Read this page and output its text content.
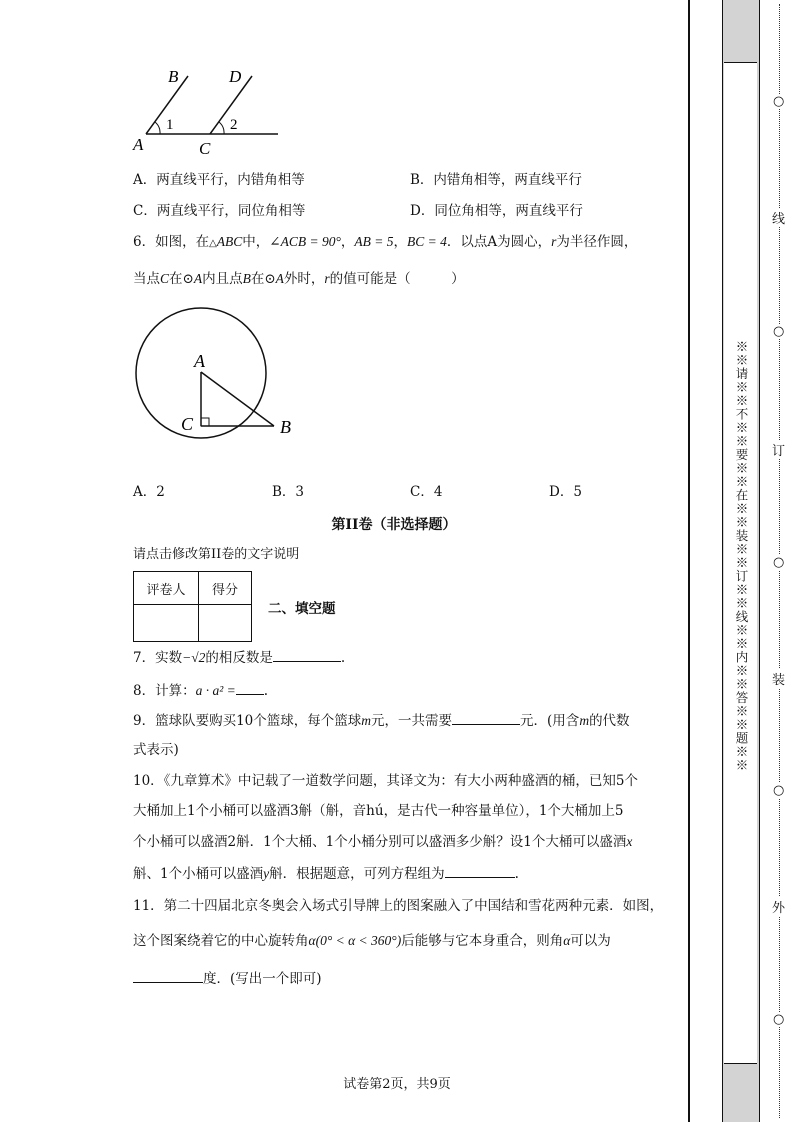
B	D
A	C
1	2
A．两直线平行，内错角相等	B．内错角相等，两直线平行
C．两直线平行，同位角相等	D．同位角相等，两直线平行
6．如图，在△ABC中，∠ACB = 90°，AB = 5，BC = 4．以点A为圆心，r为半径作圆，
当点C在⊙A内且点B在⊙A外时，r的值可能是（　　　）
A
C	B
A．2	B．3	C．4	D．5
第II卷（非选择题）
请点击修改第II卷的文字说明
评卷人	得分

二、填空题
7．实数−√2的相反数是	.
8．计算：a · a² = .
9．篮球队要购买10个篮球，每个篮球m元，一共需要	元．(用含m的代数
式表示)
10．《九章算术》中记载了一道数学问题，其译文为：有大小两种盛酒的桶，已知5个
大桶加上1个小桶可以盛酒3斛（斛，音hú，是古代一种容量单位），1个大桶加上5
个小桶可以盛酒2斛．1个大桶、1个小桶分别可以盛酒多少斛？设1个大桶可以盛酒x
斛、1个小桶可以盛酒y斛．根据题意，可列方程组为	.
11．第二十四届北京冬奥会入场式引导牌上的图案融入了中国结和雪花两种元素．如图，
这个图案绕着它的中心旋转角α(0° < α < 360°)后能够与它本身重合，则角α可以为
度．(写出一个即可)
试卷第2页，共9页
※※请※※不※※要※※在※※装※※订※※线※※内※※答※※题※※
○
线
○
订
○
装
○
外
○
